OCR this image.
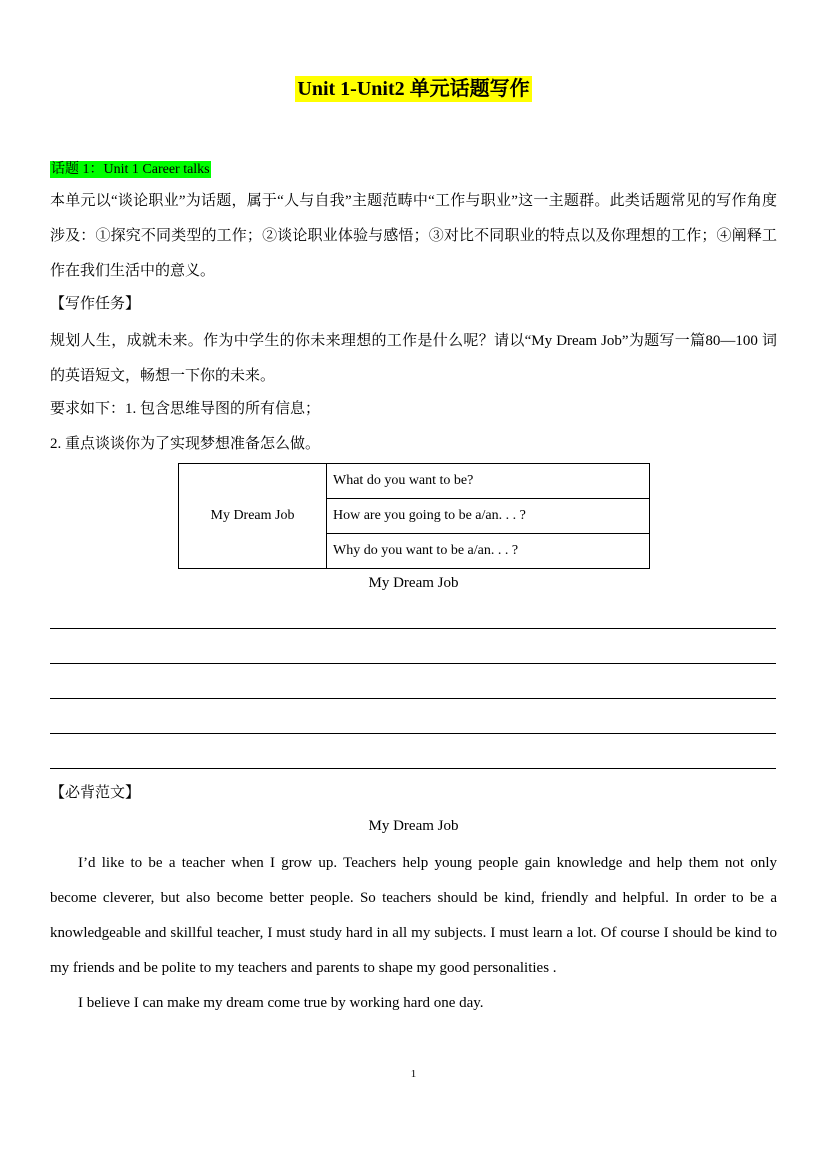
Unit 1-Unit2 单元话题写作
话题 1：Unit 1 Career talks
本单元以“谈论职业”为话题，属于“人与自我”主题范畴中“工作与职业”这一主题群。此类话题常见的写作角度涉及：①探究不同类型的工作；②谈论职业体验与感悟；③对比不同职业的特点以及你理想的工作；④阐释工作在我们生活中的意义。
【写作任务】
规划人生，成就未来。作为中学生的你未来理想的工作是什么呢？请以“My Dream Job”为题写一篇80—100 词的英语短文，畅想一下你的未来。
要求如下：1. 包含思维导图的所有信息；
2. 重点谈谈你为了实现梦想准备怎么做。
My Dream Job	What do you want to be?
How are you going to be a/an. . . ?
Why do you want to be a/an. . . ?
My Dream Job
【必背范文】
My Dream Job

I’d like to be a teacher when I grow up. Teachers help young people gain knowledge and help them not only become cleverer, but also become better people. So teachers should be kind, friendly and helpful. In order to be a knowledgeable and skillful teacher, I must study hard in all my subjects. I must learn a lot. Of course I should be kind to my friends and be polite to my teachers and parents to shape my good personalities .

I believe I can make my dream come true by working hard one day.

1
